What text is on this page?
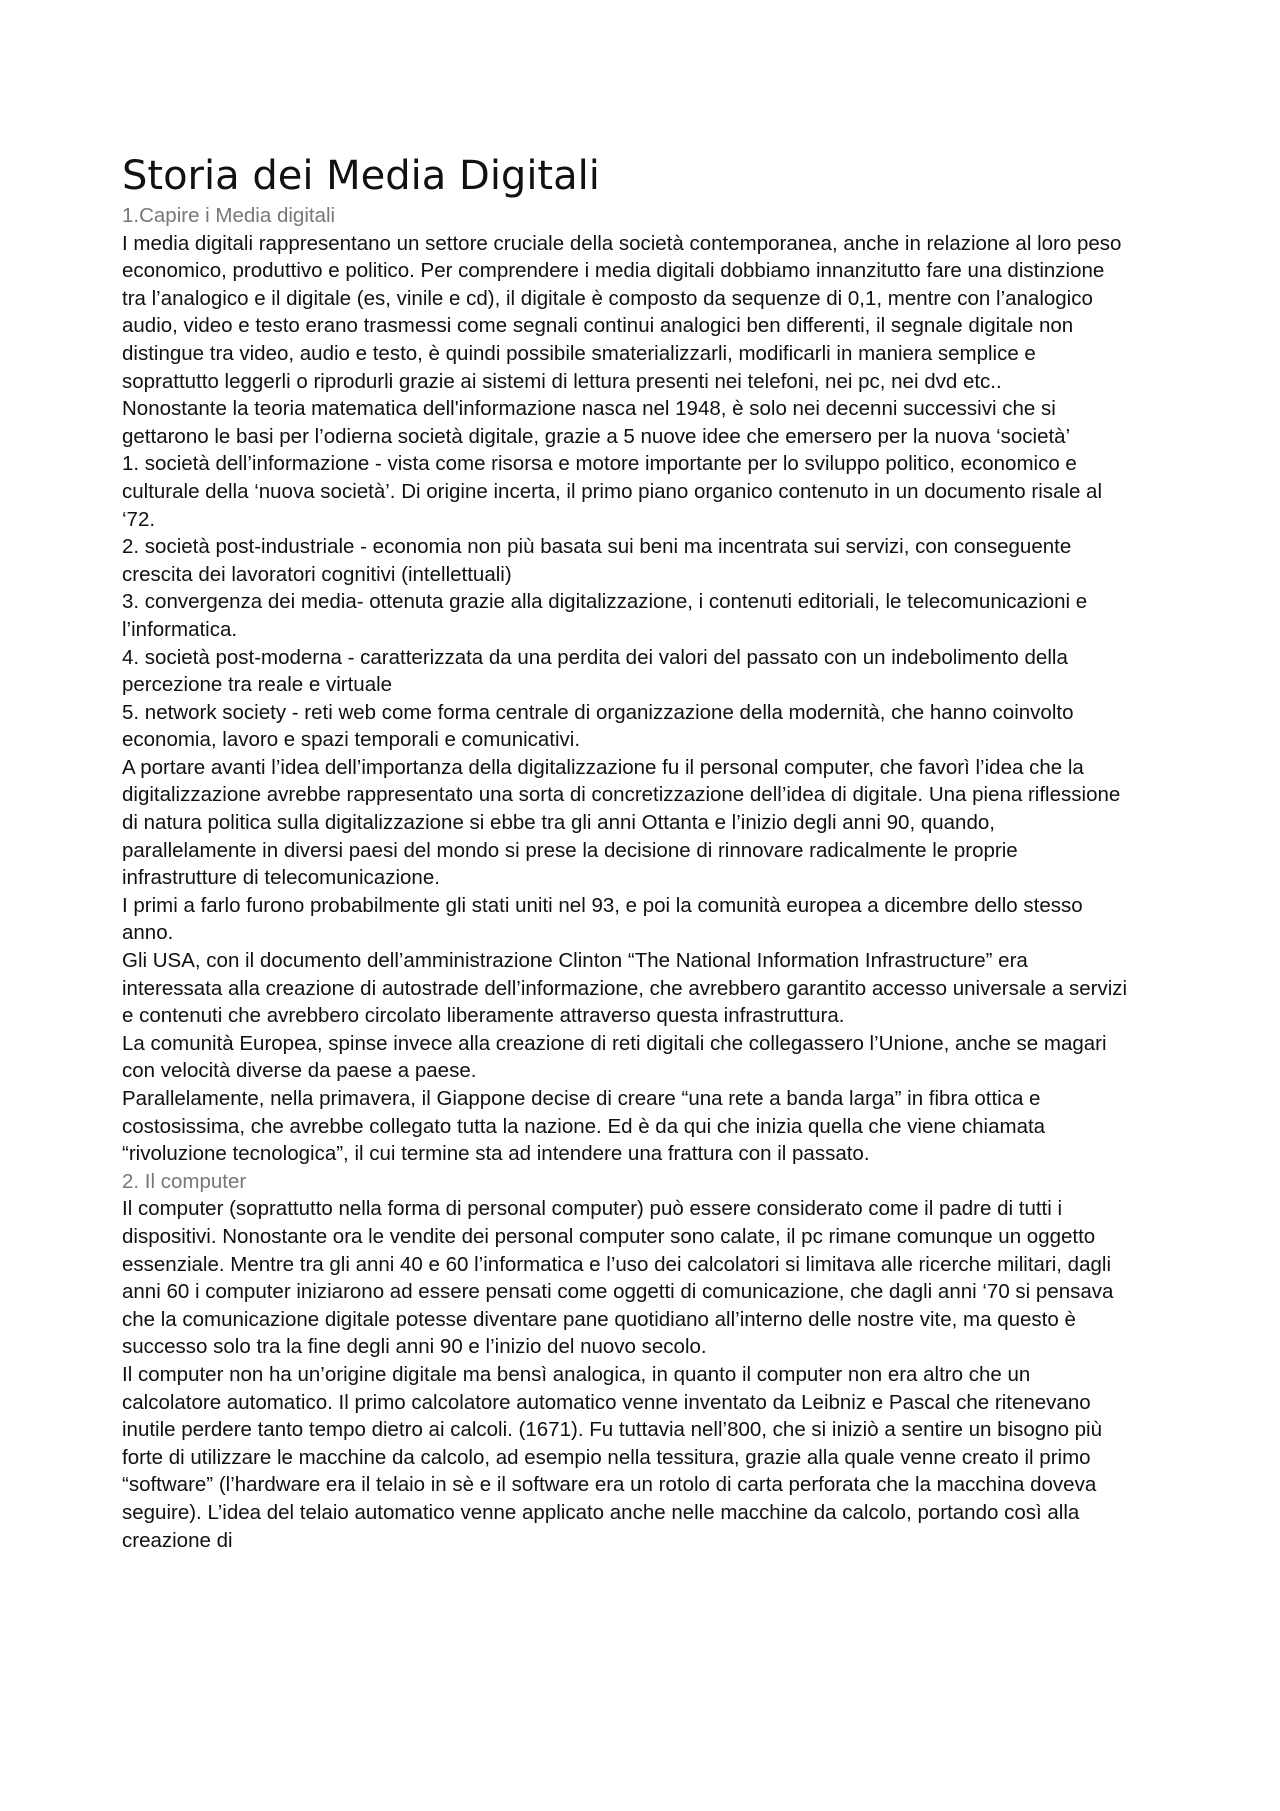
Storia dei Media Digitali
1.Capire i Media digitali

I media digitali rappresentano un settore cruciale della società contemporanea, anche in relazione al loro peso economico, produttivo e politico. Per comprendere i media digitali dobbiamo innanzitutto fare una distinzione tra l’analogico e il digitale (es, vinile e cd), il digitale è composto da sequenze di 0,1, mentre con l’analogico audio, video e testo erano trasmessi come segnali continui analogici ben differenti, il segnale digitale non distingue tra video, audio e testo, è quindi possibile smaterializzarli, modificarli in maniera semplice e soprattutto leggerli o riprodurli grazie ai sistemi di lettura presenti nei telefoni, nei pc, nei dvd etc..

Nonostante la teoria matematica dell'informazione nasca nel 1948, è solo nei decenni successivi che si gettarono le basi per l’odierna società digitale, grazie a 5 nuove idee che emersero per la nuova ‘società’

1. società dell’informazione - vista come risorsa e motore importante per lo sviluppo politico, economico e culturale della ‘nuova società’. Di origine incerta, il primo piano organico contenuto in un documento risale al ‘72.

2. società post-industriale - economia non più basata sui beni ma incentrata sui servizi, con conseguente crescita dei lavoratori cognitivi (intellettuali)

3. convergenza dei media- ottenuta grazie alla digitalizzazione, i contenuti editoriali, le telecomunicazioni e l’informatica.

4. società post-moderna - caratterizzata da una perdita dei valori del passato con un indebolimento della percezione tra reale e virtuale

5. network society - reti web come forma centrale di organizzazione della modernità, che hanno coinvolto economia, lavoro e spazi temporali e comunicativi.

A portare avanti l’idea dell’importanza della digitalizzazione fu il personal computer, che favorì l’idea che la digitalizzazione avrebbe rappresentato una sorta di concretizzazione dell’idea di digitale. Una piena riflessione di natura politica sulla digitalizzazione si ebbe tra gli anni Ottanta e l’inizio degli anni 90, quando, parallelamente in diversi paesi del mondo si prese la decisione di rinnovare radicalmente le proprie infrastrutture di telecomunicazione.

I primi a farlo furono probabilmente gli stati uniti nel 93, e poi la comunità europea a dicembre dello stesso anno.

Gli USA, con il documento dell’amministrazione Clinton “The National Information Infrastructure” era interessata alla creazione di autostrade dell’informazione, che avrebbero garantito accesso universale a servizi e contenuti che avrebbero circolato liberamente attraverso questa infrastruttura.

La comunità Europea, spinse invece alla creazione di reti digitali che collegassero l’Unione, anche se magari con velocità diverse da paese a paese.

Parallelamente, nella primavera, il Giappone decise di creare “una rete a banda larga” in fibra ottica e costosissima, che avrebbe collegato tutta la nazione. Ed è da qui che inizia quella che viene chiamata “rivoluzione tecnologica”, il cui termine sta ad intendere una frattura con il passato.

2. Il computer

Il computer (soprattutto nella forma di personal computer) può essere considerato come il padre di tutti i dispositivi. Nonostante ora le vendite dei personal computer sono calate, il pc rimane comunque un oggetto essenziale. Mentre tra gli anni 40 e 60 l’informatica e l’uso dei calcolatori si limitava alle ricerche militari, dagli anni 60 i computer iniziarono ad essere pensati come oggetti di comunicazione, che dagli anni ‘70 si pensava che la comunicazione digitale potesse diventare pane quotidiano all’interno delle nostre vite, ma questo è successo solo tra la fine degli anni 90 e l’inizio del nuovo secolo.

Il computer non ha un’origine digitale ma bensì analogica, in quanto il computer non era altro che un calcolatore automatico. Il primo calcolatore automatico venne inventato da Leibniz e Pascal che ritenevano inutile perdere tanto tempo dietro ai calcoli. (1671). Fu tuttavia nell’800, che si iniziò a sentire un bisogno più forte di utilizzare le macchine da calcolo, ad esempio nella tessitura, grazie alla quale venne creato il primo “software” (l’hardware era il telaio in sè e il software era un rotolo di carta perforata che la macchina doveva seguire). L’idea del telaio automatico venne applicato anche nelle macchine da calcolo, portando così alla creazione di
